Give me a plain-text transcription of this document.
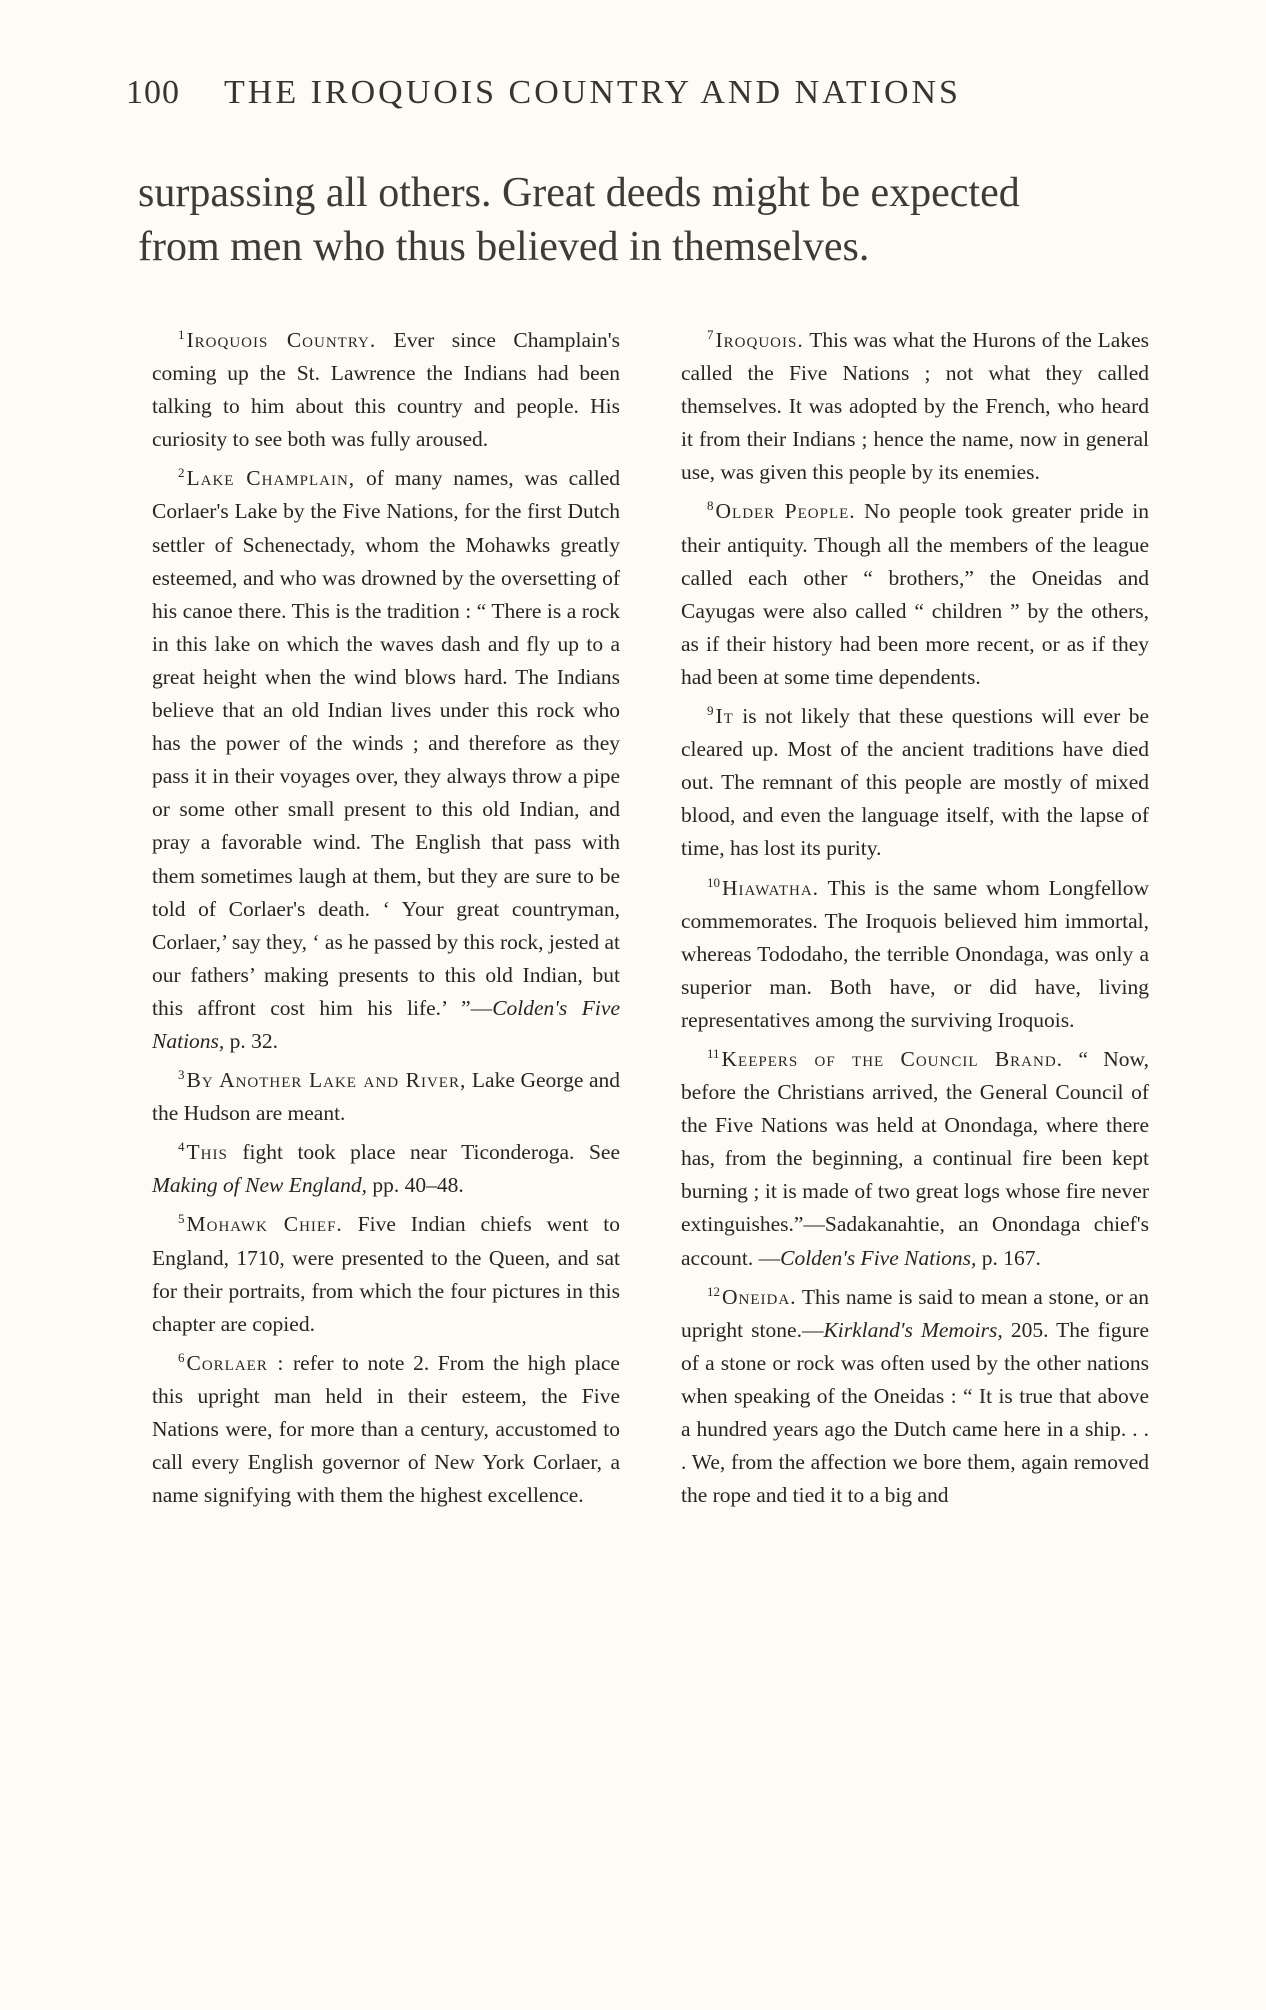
100 THE IROQUOIS COUNTRY AND NATIONS

surpassing all others. Great deeds might be expected

from men who thus believed in themselves.

$^1$Iroquois Country. Ever since Champlain's coming up the St. Lawrence the Indians had been talking to him about this country and people. His curiosity to see both was fully aroused.

$^2$Lake Champlain, of many names, was called Corlaer's Lake by the Five Nations, for the first Dutch settler of Schenectady, whom the Mohawks greatly esteemed, and who was drowned by the oversetting of his canoe there. This is the tradition : “ There is a rock in this lake on which the waves dash and fly up to a great height when the wind blows hard. The Indians believe that an old Indian lives under this rock who has the power of the winds ; and therefore as they pass it in their voyages over, they always throw a pipe or some other small present to this old Indian, and pray a favorable wind. The English that pass with them sometimes laugh at them, but they are sure to be told of Corlaer's death. ‘ Your great countryman, Corlaer,’ say they, ‘ as he passed by this rock, jested at our fathers’ making presents to this old Indian, but this affront cost him his life.’ ”—Colden's Five Nations, p. 32.

$^3$By Another Lake and River, Lake George and the Hudson are meant.

$^4$This fight took place near Ticonderoga. See Making of New England, pp. 40–48.

$^5$Mohawk Chief. Five Indian chiefs went to England, 1710, were presented to the Queen, and sat for their portraits, from which the four pictures in this chapter are copied.

$^6$Corlaer : refer to note 2. From the high place this upright man held in their esteem, the Five Nations were, for more than a century, accustomed to call every English governor of New York Corlaer, a name signifying with them the highest excellence.

$^7$Iroquois. This was what the Hurons of the Lakes called the Five Nations ; not what they called themselves. It was adopted by the French, who heard it from their Indians ; hence the name, now in general use, was given this people by its enemies.

$^8$Older People. No people took greater pride in their antiquity. Though all the members of the league called each other “ brothers,” the Oneidas and Cayugas were also called “ children ” by the others, as if their history had been more recent, or as if they had been at some time dependents.

$^9$It is not likely that these questions will ever be cleared up. Most of the ancient traditions have died out. The remnant of this people are mostly of mixed blood, and even the language itself, with the lapse of time, has lost its purity.

$^{10}$Hiawatha. This is the same whom Longfellow commemorates. The Iroquois believed him immortal, whereas Tododaho, the terrible Onondaga, was only a superior man. Both have, or did have, living representatives among the surviving Iroquois.

$^{11}$Keepers of the Council Brand. “ Now, before the Christians arrived, the General Council of the Five Nations was held at Onondaga, where there has, from the beginning, a continual fire been kept burning ; it is made of two great logs whose fire never extinguishes.”—Sadakanahtie, an Onondaga chief's account. —Colden's Five Nations, p. 167.

$^{12}$Oneida. This name is said to mean a stone, or an upright stone.—Kirkland's Memoirs, 205. The figure of a stone or rock was often used by the other nations when speaking of the Oneidas : “ It is true that above a hundred years ago the Dutch came here in a ship. . . . We, from the affection we bore them, again removed the rope and tied it to a big and
